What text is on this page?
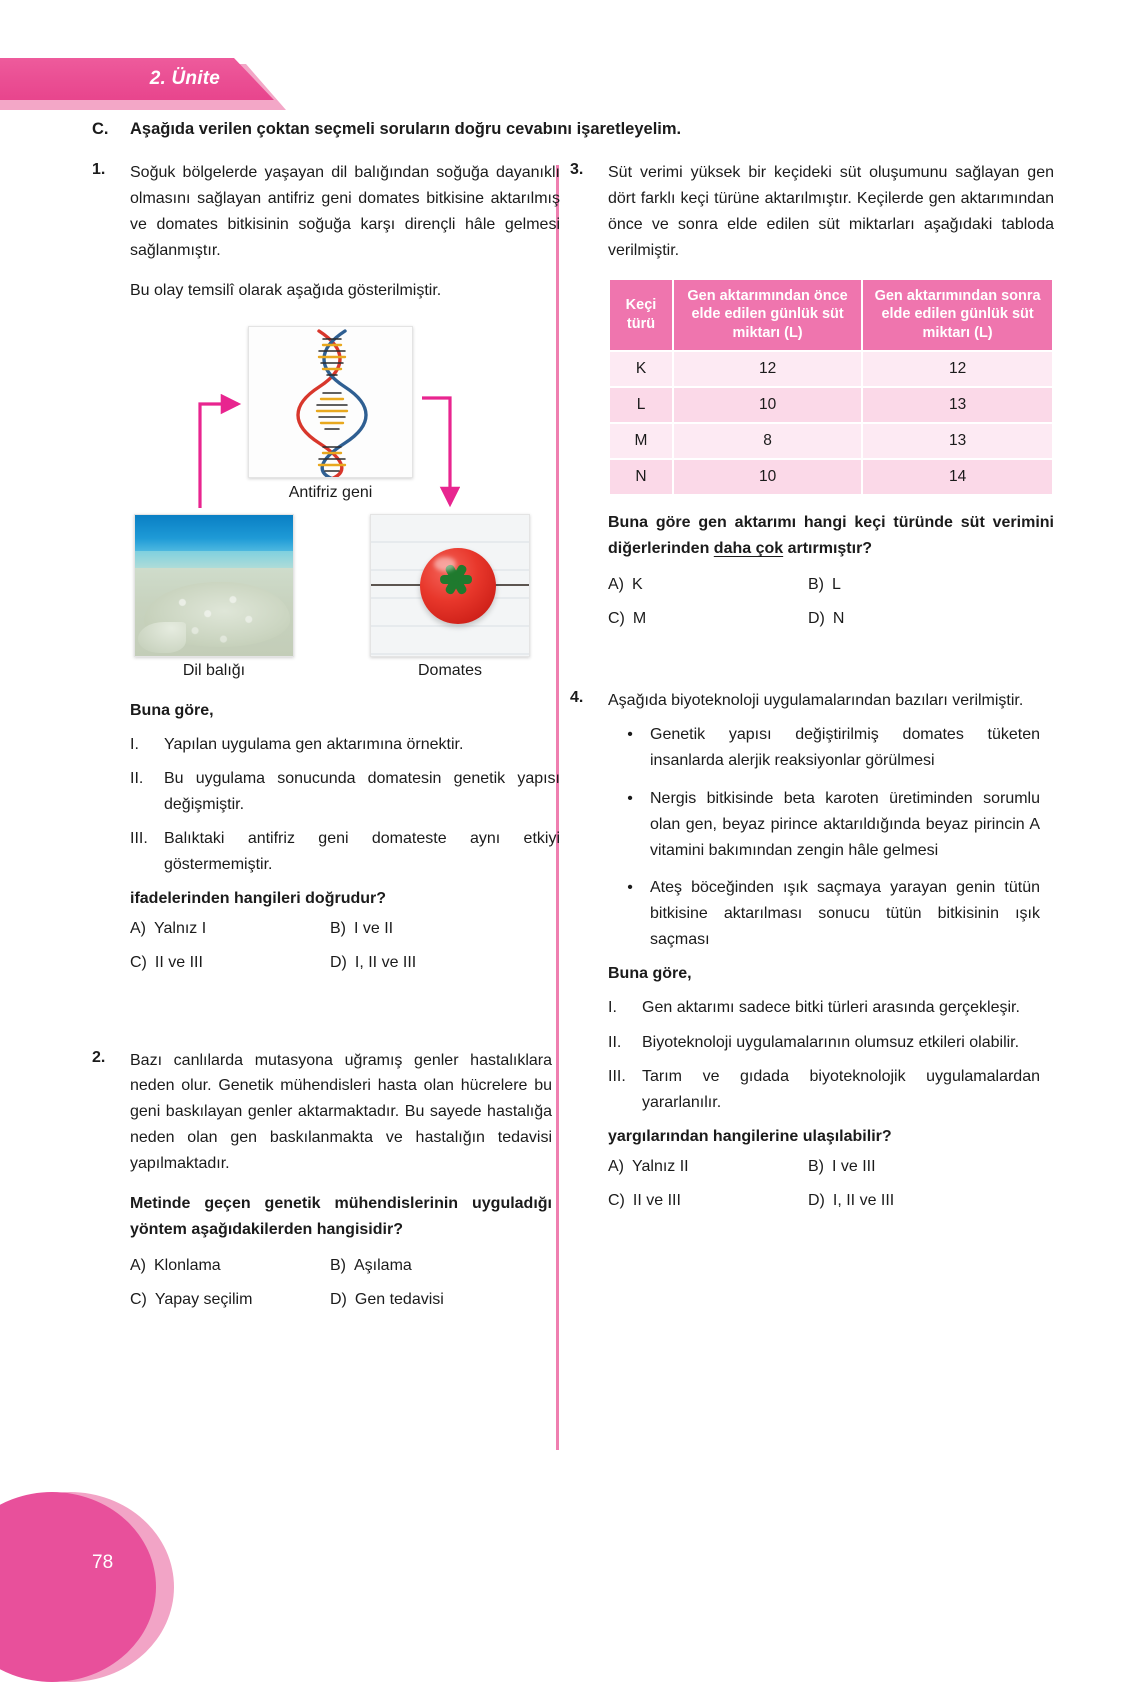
2. Ünite
C.	Aşağıda verilen çoktan seçmeli soruların doğru cevabını işaretleyelim.
1.	Soğuk bölgelerde yaşayan dil balığından soğuğa dayanıklı olmasını sağlayan antifriz geni domates bitkisine aktarılmış ve domates bitkisinin soğuğa karşı dirençli hâle gelmesi sağlanmıştır.

Bu olay temsilî olarak aşağıda gösterilmiştir.

Antifriz geni
Dil balığı	Domates

Buna göre,

I.	Yapılan uygulama gen aktarımına örnektir.
II.	Bu uygulama sonucunda domatesin genetik yapısı değişmiştir.
III.	Balıktaki antifriz geni domateste aynı etkiyi göstermemiştir.

ifadelerinden hangileri doğrudur?

A) Yalnız I	B) I ve II
C) II ve III	D) I, II ve III
2.	Bazı canlılarda mutasyona uğramış genler hastalıklara neden olur. Genetik mühendisleri hasta olan hücrelere bu geni baskılayan genler aktarmaktadır. Bu sayede hastalığa neden olan gen baskılanmakta ve hastalığın tedavisi yapılmaktadır.

Metinde geçen genetik mühendislerinin uyguladığı yöntem aşağıdakilerden hangisidir?

A) Klonlama	B) Aşılama
C) Yapay seçilim	D) Gen tedavisi
3.	Süt verimi yüksek bir keçideki süt oluşumunu sağlayan gen dört farklı keçi türüne aktarılmıştır. Keçilerde gen aktarımından önce ve sonra elde edilen süt miktarları aşağıdaki tabloda verilmiştir.

Keçi türü	Gen aktarımından önce elde edilen günlük süt miktarı (L)	Gen aktarımından sonra elde edilen günlük süt miktarı (L)
K	12	12
L	10	13
M	8	13
N	10	14

Buna göre gen aktarımı hangi keçi türünde süt verimini diğerlerinden daha çok artırmıştır?

A) K	B) L
C) M	D) N
4.	Aşağıda biyoteknoloji uygulamalarından bazıları verilmiştir.

• Genetik yapısı değiştirilmiş domates tüketen insanlarda alerjik reaksiyonlar görülmesi
• Nergis bitkisinde beta karoten üretiminden sorumlu olan gen, beyaz pirince aktarıldığında beyaz pirincin A vitamini bakımından zengin hâle gelmesi
• Ateş böceğinden ışık saçmaya yarayan genin tütün bitkisine aktarılması sonucu tütün bitkisinin ışık saçması

Buna göre,

I.	Gen aktarımı sadece bitki türleri arasında gerçekleşir.
II.	Biyoteknoloji uygulamalarının olumsuz etkileri olabilir.
III.	Tarım ve gıdada biyoteknolojik uygulamalardan yararlanılır.

yargılarından hangilerine ulaşılabilir?

A) Yalnız II	B) I ve III
C) II ve III	D) I, II ve III
78
